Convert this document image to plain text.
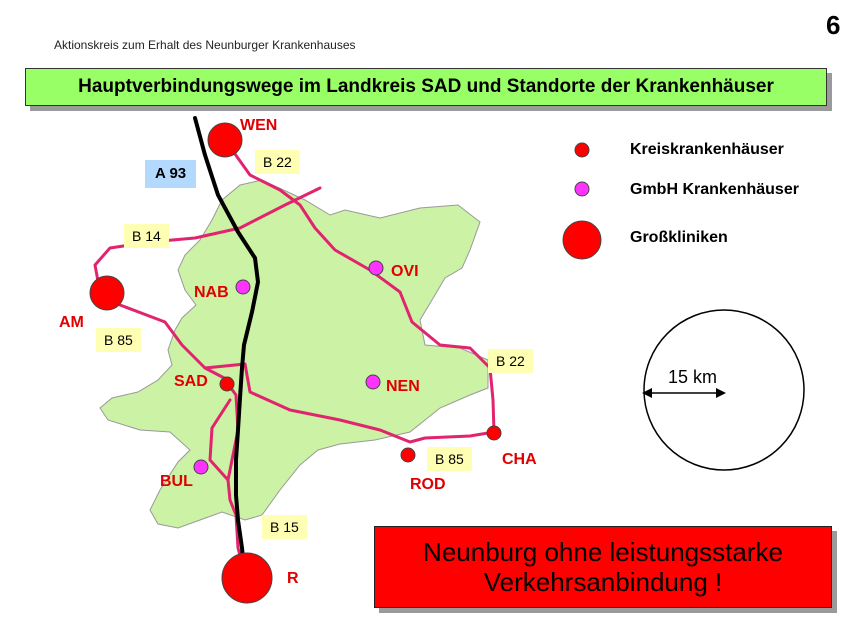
Aktionskreis zum Erhalt des Neunburger Krankenhauses
6
Hauptverbindungswege im Landkreis SAD und Standorte der Krankenhäuser
B 22
A 93
B 14
B 85
B 22
B 85
B 15
WEN
AM
NAB
OVI
SAD	NEN
CHA
ROD
BUL
R
Kreiskrankenhäuser
GmbH Krankenhäuser
Großkliniken
15 km
Neunburg ohne leistungsstarke
Verkehrsanbindung !
